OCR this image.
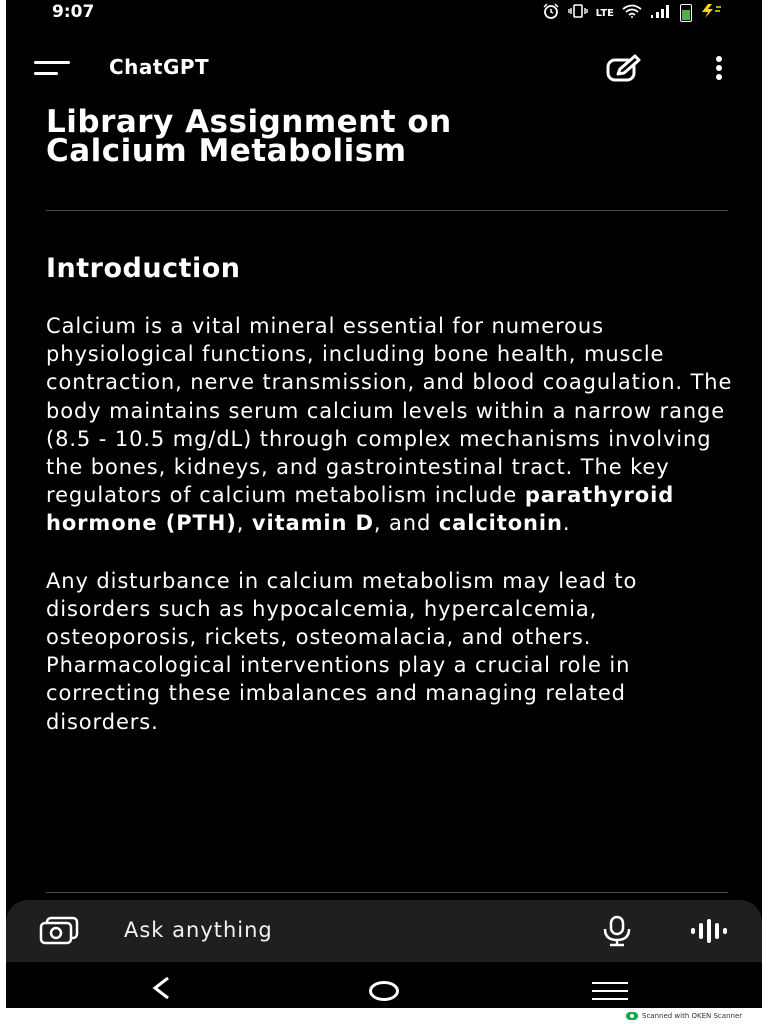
9:07	LTE
ChatGPT
Library Assignment on
Calcium Metabolism
Introduction

Calcium is a vital mineral essential for numerous physiological functions, including bone health, muscle contraction, nerve transmission, and blood coagulation. The body maintains serum calcium levels within a narrow range (8.5 - 10.5 mg/dL) through complex mechanisms involving the bones, kidneys, and gastrointestinal tract. The key regulators of calcium metabolism include parathyroid hormone (PTH), vitamin D, and calcitonin.

Any disturbance in calcium metabolism may lead to disorders such as hypocalcemia, hypercalcemia, osteoporosis, rickets, osteomalacia, and others. Pharmacological interventions play a crucial role in correcting these imbalances and managing related disorders.

Ask anything
Scanned with OKEN Scanner
